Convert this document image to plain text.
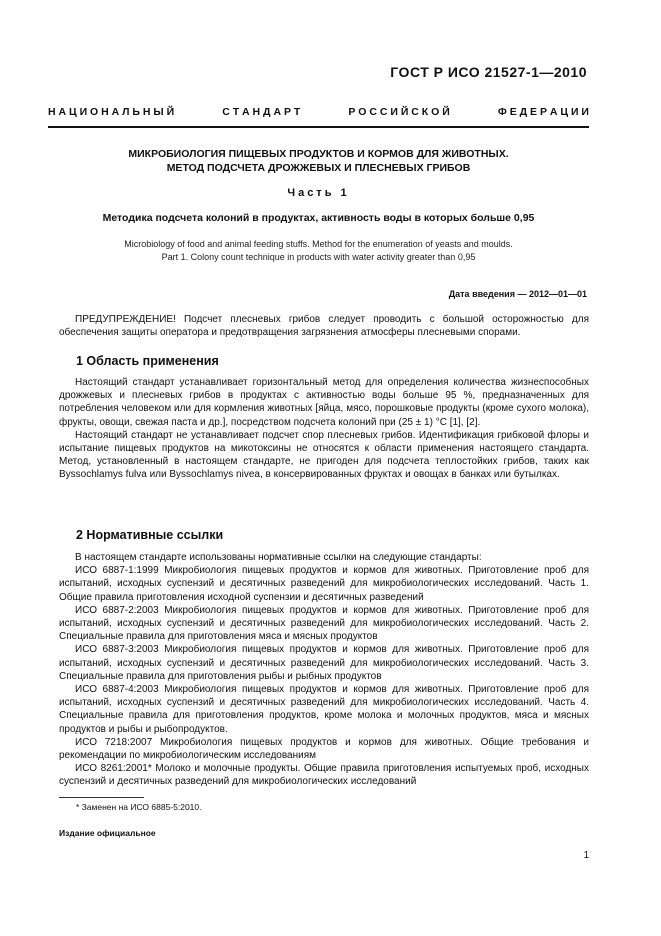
ГОСТ Р ИСО 21527-1—2010
Н А Ц И О Н А Л Ь Н Ы Й	С Т А Н Д А Р Т	Р О С С И Й С К О Й	Ф Е Д Е Р А Ц И И
МИКРОБИОЛОГИЯ ПИЩЕВЫХ ПРОДУКТОВ И КОРМОВ ДЛЯ ЖИВОТНЫХ.
МЕТОД ПОДСЧЕТА ДРОЖЖЕВЫХ И ПЛЕСНЕВЫХ ГРИБОВ
Часть 1
Методика подсчета колоний в продуктах, активность воды в которых больше 0,95
Microbiology of food and animal feeding stuffs. Method for the enumeration of yeasts and moulds.
Part 1. Colony count technique in products with water activity greater than 0,95
Дата введения — 2012—01—01

ПРЕДУПРЕЖДЕНИЕ! Подсчет плесневых грибов следует проводить с большой осторожностью для обеспечения защиты оператора и предотвращения загрязнения атмосферы плесневыми спорами.

1 Область применения

Настоящий стандарт устанавливает горизонтальный метод для определения количества жизнеспособных дрожжевых и плесневых грибов в продуктах с активностью воды больше 95 %, предназначенных для потребления человеком или для кормления животных [яйца, мясо, порошковые продукты (кроме сухого молока), фрукты, овощи, свежая паста и др.], посредством подсчета колоний при (25 ± 1) °С [1], [2].

Настоящий стандарт не устанавливает подсчет спор плесневых грибов. Идентификация грибковой флоры и испытание пищевых продуктов на микотоксины не относятся к области применения настоящего стандарта. Метод, установленный в настоящем стандарте, не пригоден для подсчета теплостойких грибов, таких как Byssochlamys fulva или Byssochlamys nivea, в консервированных фруктах и овощах в банках или бутылках.

2 Нормативные ссылки

В настоящем стандарте использованы нормативные ссылки на следующие стандарты:

ИСО 6887-1:1999 Микробиология пищевых продуктов и кормов для животных. Приготовление проб для испытаний, исходных суспензий и десятичных разведений для микробиологических исследований. Часть 1. Общие правила приготовления исходной суспензии и десятичных разведений

ИСО 6887-2:2003 Микробиология пищевых продуктов и кормов для животных. Приготовление проб для испытаний, исходных суспензий и десятичных разведений для микробиологических исследований. Часть 2. Специальные правила для приготовления мяса и мясных продуктов

ИСО 6887-3:2003 Микробиология пищевых продуктов и кормов для животных. Приготовление проб для испытаний, исходных суспензий и десятичных разведений для микробиологических исследований. Часть 3. Специальные правила для приготовления рыбы и рыбных продуктов

ИСО 6887-4:2003 Микробиология пищевых продуктов и кормов для животных. Приготовление проб для испытаний, исходных суспензий и десятичных разведений для микробиологических исследований. Часть 4. Специальные правила для приготовления продуктов, кроме молока и молочных продуктов, мяса и мясных продуктов и рыбы и рыбопродуктов.

ИСО 7218:2007 Микробиология пищевых продуктов и кормов для животных. Общие требования и рекомендации по микробиологическим исследованиям

ИСО 8261:2001* Молоко и молочные продукты. Общие правила приготовления испытуемых проб, исходных суспензий и десятичных разведений для микробиологических исследований

* Заменен на ИСО 6885-5:2010.
Издание официальное
1
